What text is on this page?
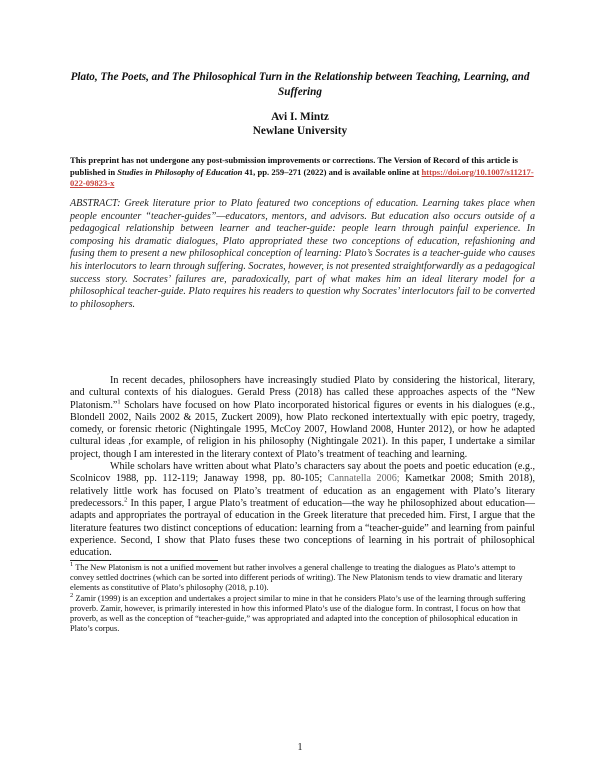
Plato, The Poets, and The Philosophical Turn in the Relationship between Teaching, Learning, and Suffering
Avi I. Mintz
Newlane University
This preprint has not undergone any post-submission improvements or corrections. The Version of Record of this article is published in Studies in Philosophy of Education 41, pp. 259–271 (2022) and is available online at https://doi.org/10.1007/s11217-022-09823-x
ABSTRACT: Greek literature prior to Plato featured two conceptions of education. Learning takes place when people encounter “teacher-guides”—educators, mentors, and advisors. But education also occurs outside of a pedagogical relationship between learner and teacher-guide: people learn through painful experience. In composing his dramatic dialogues, Plato appropriated these two conceptions of education, refashioning and fusing them to present a new philosophical conception of learning: Plato’s Socrates is a teacher-guide who causes his interlocutors to learn through suffering. Socrates, however, is not presented straightforwardly as a pedagogical success story. Socrates’ failures are, paradoxically, part of what makes him an ideal literary model for a philosophical teacher-guide. Plato requires his readers to question why Socrates’ interlocutors fail to be converted to philosophers.

In recent decades, philosophers have increasingly studied Plato by considering the historical, literary, and cultural contexts of his dialogues. Gerald Press (2018) has called these approaches aspects of the “New Platonism.”$^1$ Scholars have focused on how Plato incorporated historical figures or events in his dialogues (e.g., Blondell 2002, Nails 2002 & 2015, Zuckert 2009), how Plato reckoned intertextually with epic poetry, tragedy, comedy, or forensic rhetoric (Nightingale 1995, McCoy 2007, Howland 2008, Hunter 2012), or how he adapted cultural ideas ,for example, of religion in his philosophy (Nightingale 2021). In this paper, I undertake a similar project, though I am interested in the literary context of Plato’s treatment of teaching and learning.

While scholars have written about what Plato’s characters say about the poets and poetic education (e.g., Scolnicov 1988, pp. 112-119; Janaway 1998, pp. 80-105; Cannatella 2006; Kametkar 2008; Smith 2018), relatively little work has focused on Plato’s treatment of education as an engagement with Plato’s literary predecessors.$^2$ In this paper, I argue Plato’s treatment of education—the way he philosophized about education—adapts and appropriates the portrayal of education in the Greek literature that preceded him. First, I argue that the literature features two distinct conceptions of education: learning from a “teacher-guide” and learning from painful experience. Second, I show that Plato fuses these two conceptions of learning in his portrait of philosophical education.

$^1$ The New Platonism is not a unified movement but rather involves a general challenge to treating the dialogues as Plato’s attempt to convey settled doctrines (which can be sorted into different periods of writing). The New Platonism tends to view dramatic and literary elements as constitutive of Plato’s philosophy (2018, p.10).

$^2$ Zamir (1999) is an exception and undertakes a project similar to mine in that he considers Plato’s use of the learning through suffering proverb. Zamir, however, is primarily interested in how this informed Plato’s use of the dialogue form. In contrast, I focus on how that proverb, as well as the conception of “teacher-guide,” was appropriated and adapted into the conception of philosophical education in Plato’s corpus.

1
